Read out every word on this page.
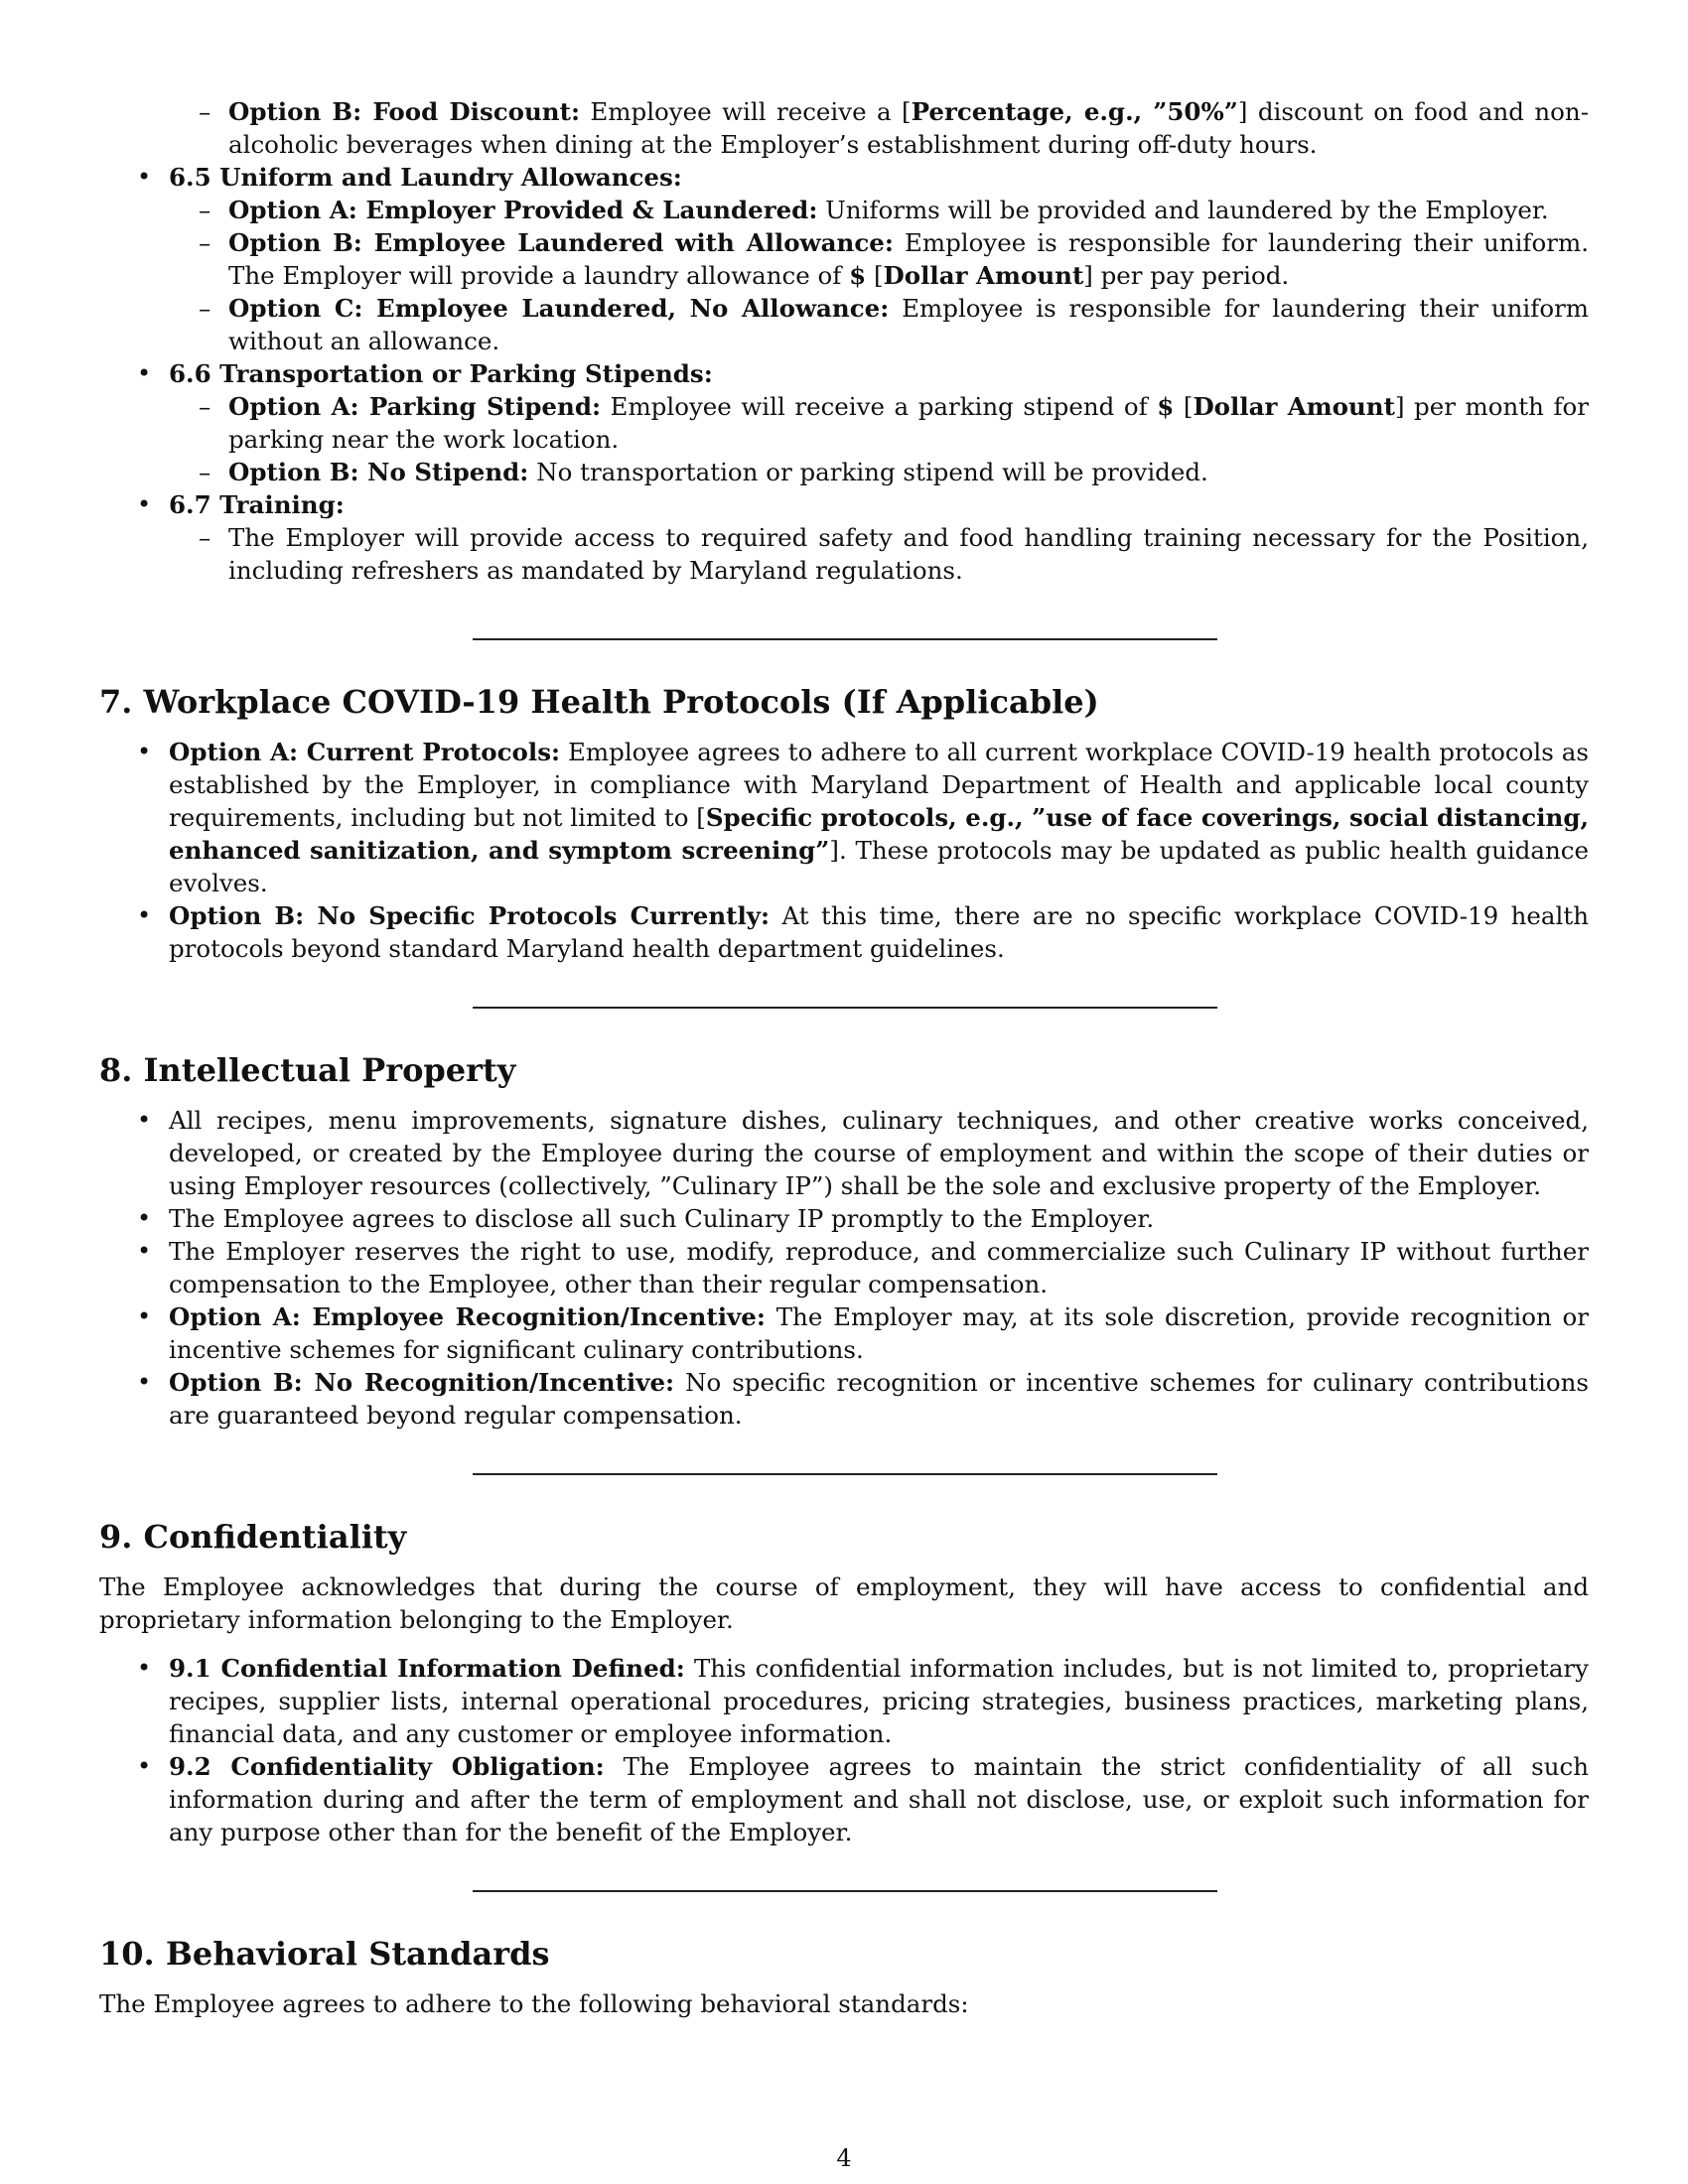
– Option B: Food Discount: Employee will receive a [Percentage, e.g., ”50%”] discount on food and non-alcoholic beverages when dining at the Employer’s establishment during off-duty hours.
• 6.5 Uniform and Laundry Allowances:
– Option A: Employer Provided & Laundered: Uniforms will be provided and laundered by the Employer.
– Option B: Employee Laundered with Allowance: Employee is responsible for laundering their uniform. The Employer will provide a laundry allowance of $ [Dollar Amount] per pay period.
– Option C: Employee Laundered, No Allowance: Employee is responsible for laundering their uniform without an allowance.
• 6.6 Transportation or Parking Stipends:
– Option A: Parking Stipend: Employee will receive a parking stipend of $ [Dollar Amount] per month for parking near the work location.
– Option B: No Stipend: No transportation or parking stipend will be provided.
• 6.7 Training:
– The Employer will provide access to required safety and food handling training necessary for the Position, including refreshers as mandated by Maryland regulations.
7. Workplace COVID-19 Health Protocols (If Applicable)
• Option A: Current Protocols: Employee agrees to adhere to all current workplace COVID-19 health protocols as established by the Employer, in compliance with Maryland Department of Health and applicable local county requirements, including but not limited to [Specific protocols, e.g., ”use of face coverings, social distancing, enhanced sanitization, and symptom screening”]. These protocols may be updated as public health guidance evolves.
• Option B: No Specific Protocols Currently: At this time, there are no specific workplace COVID-19 health protocols beyond standard Maryland health department guidelines.
8. Intellectual Property
• All recipes, menu improvements, signature dishes, culinary techniques, and other creative works conceived, developed, or created by the Employee during the course of employment and within the scope of their duties or using Employer resources (collectively, ”Culinary IP”) shall be the sole and exclusive property of the Employer.
• The Employee agrees to disclose all such Culinary IP promptly to the Employer.
• The Employer reserves the right to use, modify, reproduce, and commercialize such Culinary IP without further compensation to the Employee, other than their regular compensation.
• Option A: Employee Recognition/Incentive: The Employer may, at its sole discretion, provide recognition or incentive schemes for significant culinary contributions.
• Option B: No Recognition/Incentive: No specific recognition or incentive schemes for culinary contributions are guaranteed beyond regular compensation.
9. Confidentiality

The Employee acknowledges that during the course of employment, they will have access to confidential and proprietary information belonging to the Employer.

• 9.1 Confidential Information Defined: This confidential information includes, but is not limited to, proprietary recipes, supplier lists, internal operational procedures, pricing strategies, business practices, marketing plans, financial data, and any customer or employee information.
• 9.2 Confidentiality Obligation: The Employee agrees to maintain the strict confidentiality of all such information during and after the term of employment and shall not disclose, use, or exploit such information for any purpose other than for the benefit of the Employer.
10. Behavioral Standards

The Employee agrees to adhere to the following behavioral standards:

4
